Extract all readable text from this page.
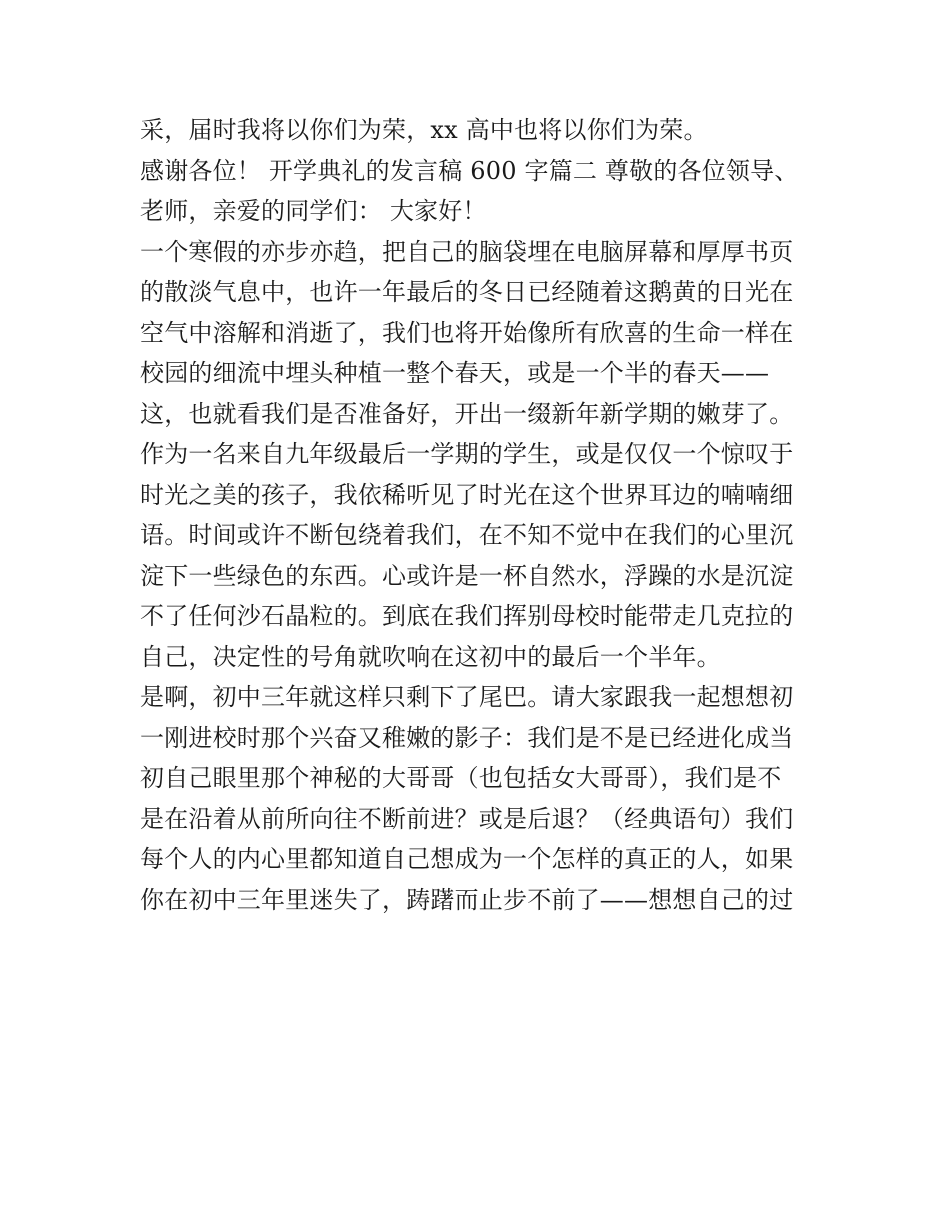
采，届时我将以你们为荣，xx 高中也将以你们为荣。
感谢各位！ 开学典礼的发言稿 600 字篇二 尊敬的各位领导、
老师，亲爱的同学们： 大家好！
一个寒假的亦步亦趋，把自己的脑袋埋在电脑屏幕和厚厚书页
的散淡气息中，也许一年最后的冬日已经随着这鹅黄的日光在
空气中溶解和消逝了，我们也将开始像所有欣喜的生命一样在
校园的细流中埋头种植一整个春天，或是一个半的春天——
这，也就看我们是否准备好，开出一缀新年新学期的嫩芽了。
作为一名来自九年级最后一学期的学生，或是仅仅一个惊叹于
时光之美的孩子，我依稀听见了时光在这个世界耳边的喃喃细
语。时间或许不断包绕着我们，在不知不觉中在我们的心里沉
淀下一些绿色的东西。心或许是一杯自然水，浮躁的水是沉淀
不了任何沙石晶粒的。到底在我们挥别母校时能带走几克拉的
自己，决定性的号角就吹响在这初中的最后一个半年。
是啊，初中三年就这样只剩下了尾巴。请大家跟我一起想想初
一刚进校时那个兴奋又稚嫩的影子：我们是不是已经进化成当
初自己眼里那个神秘的大哥哥（也包括女大哥哥），我们是不
是在沿着从前所向往不断前进？或是后退？（经典语句）我们
每个人的内心里都知道自己想成为一个怎样的真正的人，如果
你在初中三年里迷失了，踌躇而止步不前了——想想自己的过
